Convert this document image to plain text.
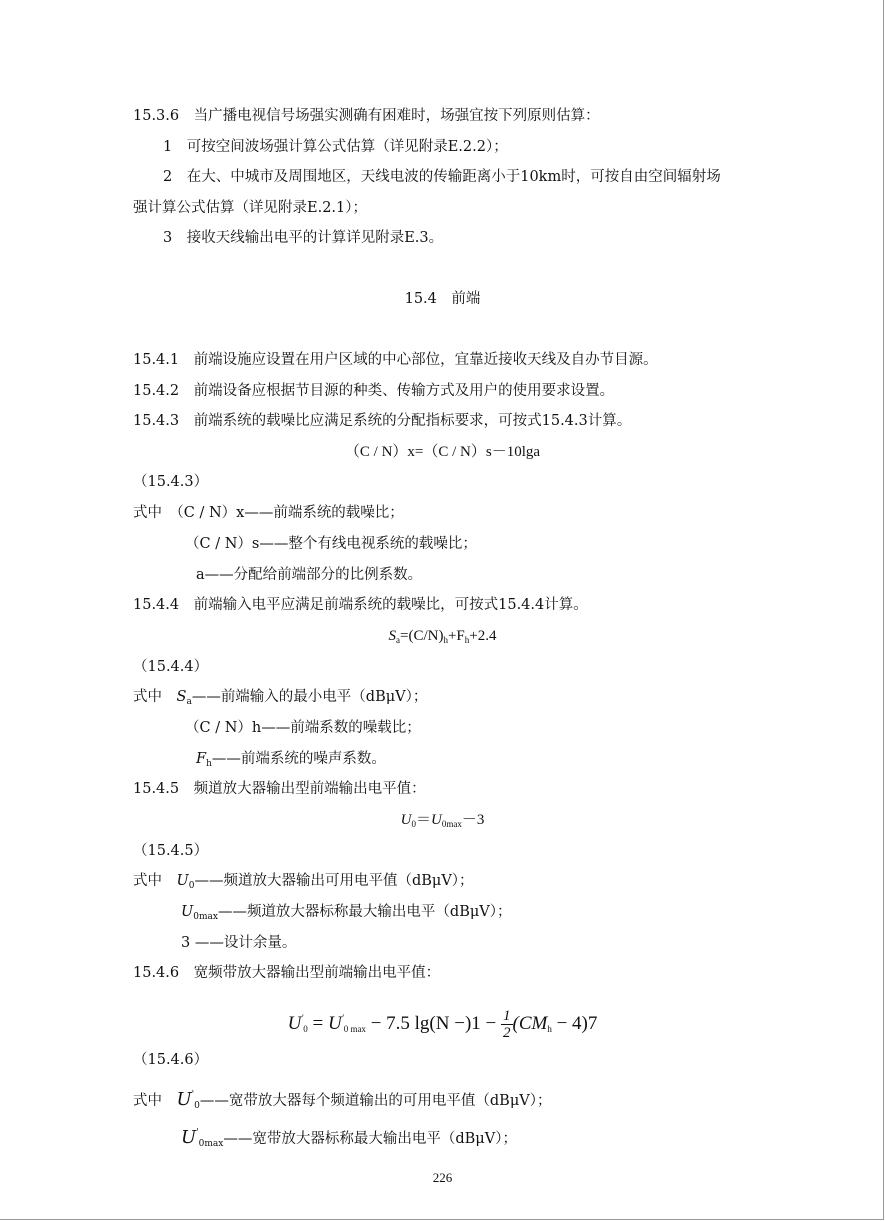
15.3.6　当广播电视信号场强实测确有困难时，场强宜按下列原则估算：
1　可按空间波场强计算公式估算（详见附录E.2.2）；
2　在大、中城市及周围地区，天线电波的传输距离小于10km时，可按自由空间辐射场
强计算公式估算（详见附录E.2.1）；
3　接收天线输出电平的计算详见附录E.3。
15.4　前端
15.4.1　前端设施应设置在用户区域的中心部位，宜靠近接收天线及自办节目源。
15.4.2　前端设备应根据节目源的种类、传输方式及用户的使用要求设置。
15.4.3　前端系统的载噪比应满足系统的分配指标要求，可按式15.4.3计算。
（C / N）x=（C / N）s－10lga
（15.4.3）
式中　（C / N）x——前端系统的载噪比；
（C / N）s——整个有线电视系统的载噪比；
a——分配给前端部分的比例系数。
15.4.4　前端输入电平应满足前端系统的载噪比，可按式15.4.4计算。
$S_a=(C/N)_h+F_h+2.4$
（15.4.4）
式中　$S_a——$前端输入的最小电平（dBμV）；
（C / N）h——前端系数的噪载比；
$F_h——$前端系统的噪声系数。
15.4.5　频道放大器输出型前端输出电平值：
$U_0=U_{0max}-3$
（15.4.5）
式中　$U_0——$频道放大器输出可用电平值（dBμV）；
$U_{0max}——$频道放大器标称最大输出电平（dBμV）；
3 ——设计余量。
15.4.6　宽频带放大器输出型前端输出电平值：
$U'_0 = U'_{0 max} - 7.5$ $\lg(N -)1 - \frac{1}{2} (CM_h - 4)7$
（15.4.6）
式中　$U'_0——$宽带放大器每个频道输出的可用电平值（dBμV）；
$U'_{0max}——$宽带放大器标称最大输出电平（dBμV）；
226
